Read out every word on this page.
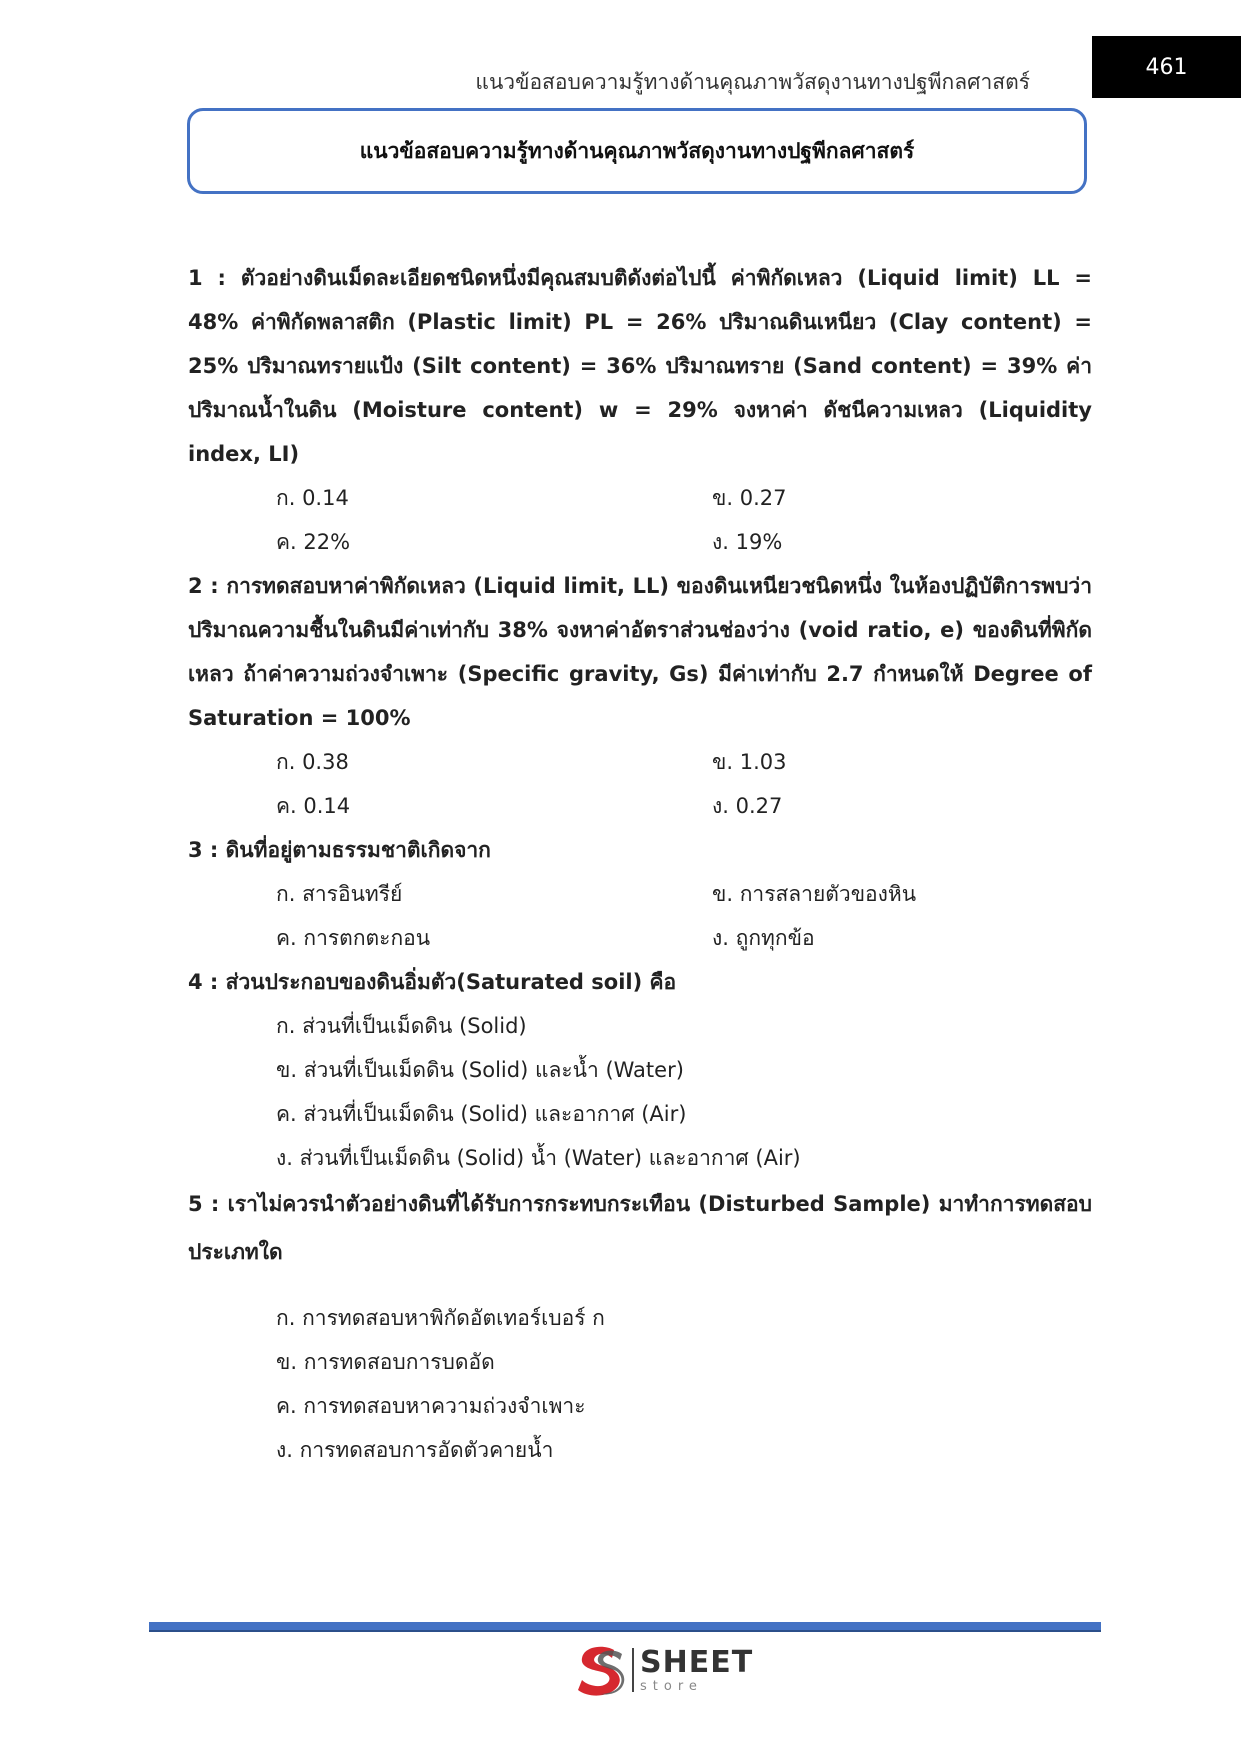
แนวข้อสอบความรู้ทางด้านคุณภาพวัสดุงานทางปฐพีกลศาสตร์
461
แนวข้อสอบความรู้ทางด้านคุณภาพวัสดุงานทางปฐพีกลศาสตร์
1 : ตัวอย่างดินเม็ดละเอียดชนิดหนึ่งมีคุณสมบติดังต่อไปนี้ ค่าพิกัดเหลว (Liquid limit) LL = 48% ค่าพิกัดพลาสติก (Plastic limit) PL = 26% ปริมาณดินเหนียว (Clay content) = 25% ปริมาณทรายแป้ง (Silt content) = 36% ปริมาณทราย (Sand content) = 39% ค่าปริมาณน้ำในดิน (Moisture content) w = 29% จงหาค่า ดัชนีความเหลว (Liquidity index, LI)
ก. 0.14	ข. 0.27
ค. 22%	ง. 19%
2 : การทดสอบหาค่าพิกัดเหลว (Liquid limit, LL) ของดินเหนียวชนิดหนึ่ง ในห้องปฏิบัติการพบว่าปริมาณความชื้นในดินมีค่าเท่ากับ 38% จงหาค่าอัตราส่วนช่องว่าง (void ratio, e) ของดินที่พิกัดเหลว ถ้าค่าความถ่วงจำเพาะ (Specific gravity, Gs) มีค่าเท่ากับ 2.7 กำหนดให้ Degree of Saturation = 100%
ก. 0.38	ข. 1.03
ค. 0.14	ง. 0.27
3 : ดินที่อยู่ตามธรรมชาติเกิดจาก
ก. สารอินทรีย์	ข. การสลายตัวของหิน
ค. การตกตะกอน	ง. ถูกทุกข้อ
4 : ส่วนประกอบของดินอิ่มตัว(Saturated soil) คือ
ก. ส่วนที่เป็นเม็ดดิน (Solid)
ข. ส่วนที่เป็นเม็ดดิน (Solid) และน้ำ (Water)
ค. ส่วนที่เป็นเม็ดดิน (Solid) และอากาศ (Air)
ง. ส่วนที่เป็นเม็ดดิน (Solid) น้ำ (Water) และอากาศ (Air)
5 : เราไม่ควรนำตัวอย่างดินที่ได้รับการกระทบกระเทือน (Disturbed Sample) มาทำการทดสอบประเภทใด
ก. การทดสอบหาพิกัดอัตเทอร์เบอร์ ก
ข. การทดสอบการบดอัด
ค. การทดสอบหาความถ่วงจำเพาะ
ง. การทดสอบการอัดตัวคายน้ำ
SHEET
store
